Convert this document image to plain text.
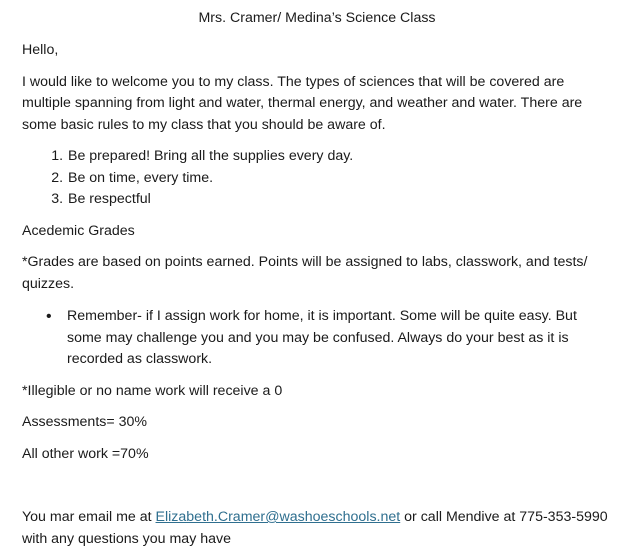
Mrs. Cramer/ Medina’s Science Class

Hello,

I would like to welcome you to my class. The types of sciences that will be covered are multiple spanning from light and water, thermal energy, and weather and water. There are some basic rules to my class that you should be aware of.

1. Be prepared! Bring all the supplies every day.
2. Be on time, every time.
3. Be respectful

Acedemic Grades

*Grades are based on points earned. Points will be assigned to labs, classwork, and tests/ quizzes.

• Remember- if I assign work for home, it is important. Some will be quite easy. But some may challenge you and you may be confused. Always do your best as it is recorded as classwork.

*Illegible or no name work will receive a 0

Assessments= 30%

All other work =70%

You mar email me at Elizabeth.Cramer@washoeschools.net or call Mendive at 775-353-5990 with any questions you may have
